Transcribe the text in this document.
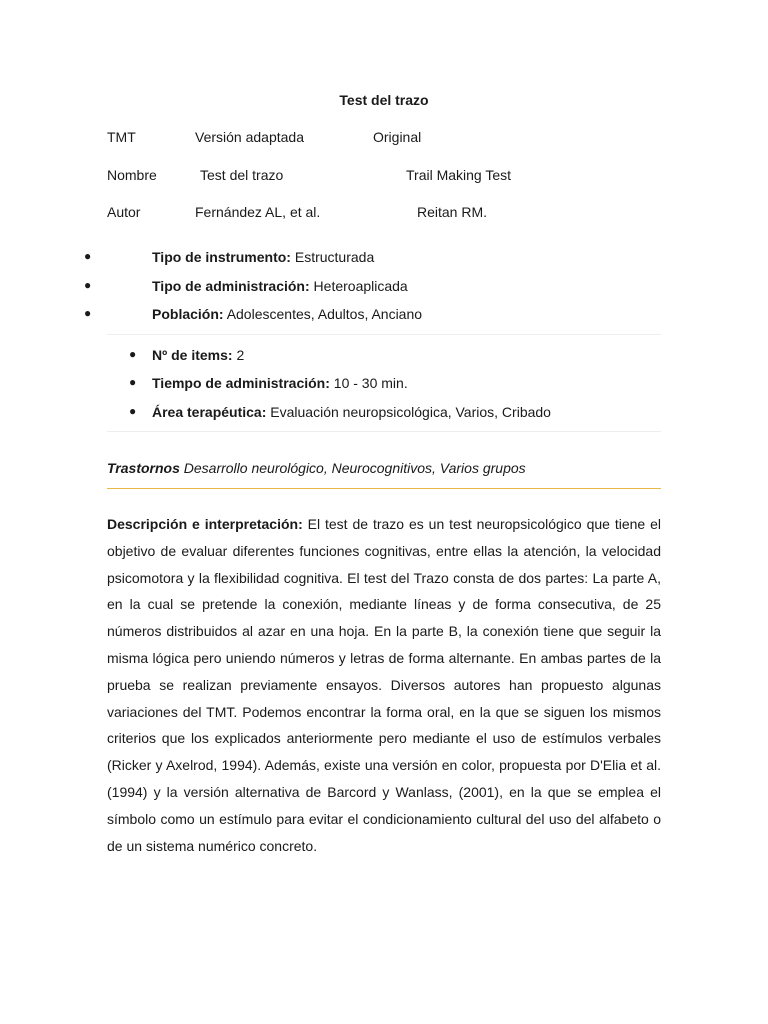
Test del trazo
TMT	Versión adaptada	Original
Nombre	Test del trazo	Trail Making Test
Autor	Fernández AL, et al.	Reitan RM.
●	Tipo de instrumento: Estructurada
●	Tipo de administración: Heteroaplicada
●	Población: Adolescentes, Adultos, Anciano
● Nº de items: 2
● Tiempo de administración: 10 - 30 min.
● Área terapéutica: Evaluación neuropsicológica, Varios, Cribado
Trastornos Desarrollo neurológico, Neurocognitivos, Varios grupos
Descripción e interpretación: El test de trazo es un test neuropsicológico que tiene el objetivo de evaluar diferentes funciones cognitivas, entre ellas la atención, la velocidad psicomotora y la flexibilidad cognitiva. El test del Trazo consta de dos partes: La parte A, en la cual se pretende la conexión, mediante líneas y de forma consecutiva, de 25 números distribuidos al azar en una hoja. En la parte B, la conexión tiene que seguir la misma lógica pero uniendo números y letras de forma alternante. En ambas partes de la prueba se realizan previamente ensayos. Diversos autores han propuesto algunas variaciones del TMT. Podemos encontrar la forma oral, en la que se siguen los mismos criterios que los explicados anteriormente pero mediante el uso de estímulos verbales (Ricker y Axelrod, 1994). Además, existe una versión en color, propuesta por D'Elia et al. (1994) y la versión alternativa de Barcord y Wanlass, (2001), en la que se emplea el símbolo como un estímulo para evitar el condicionamiento cultural del uso del alfabeto o de un sistema numérico concreto.
